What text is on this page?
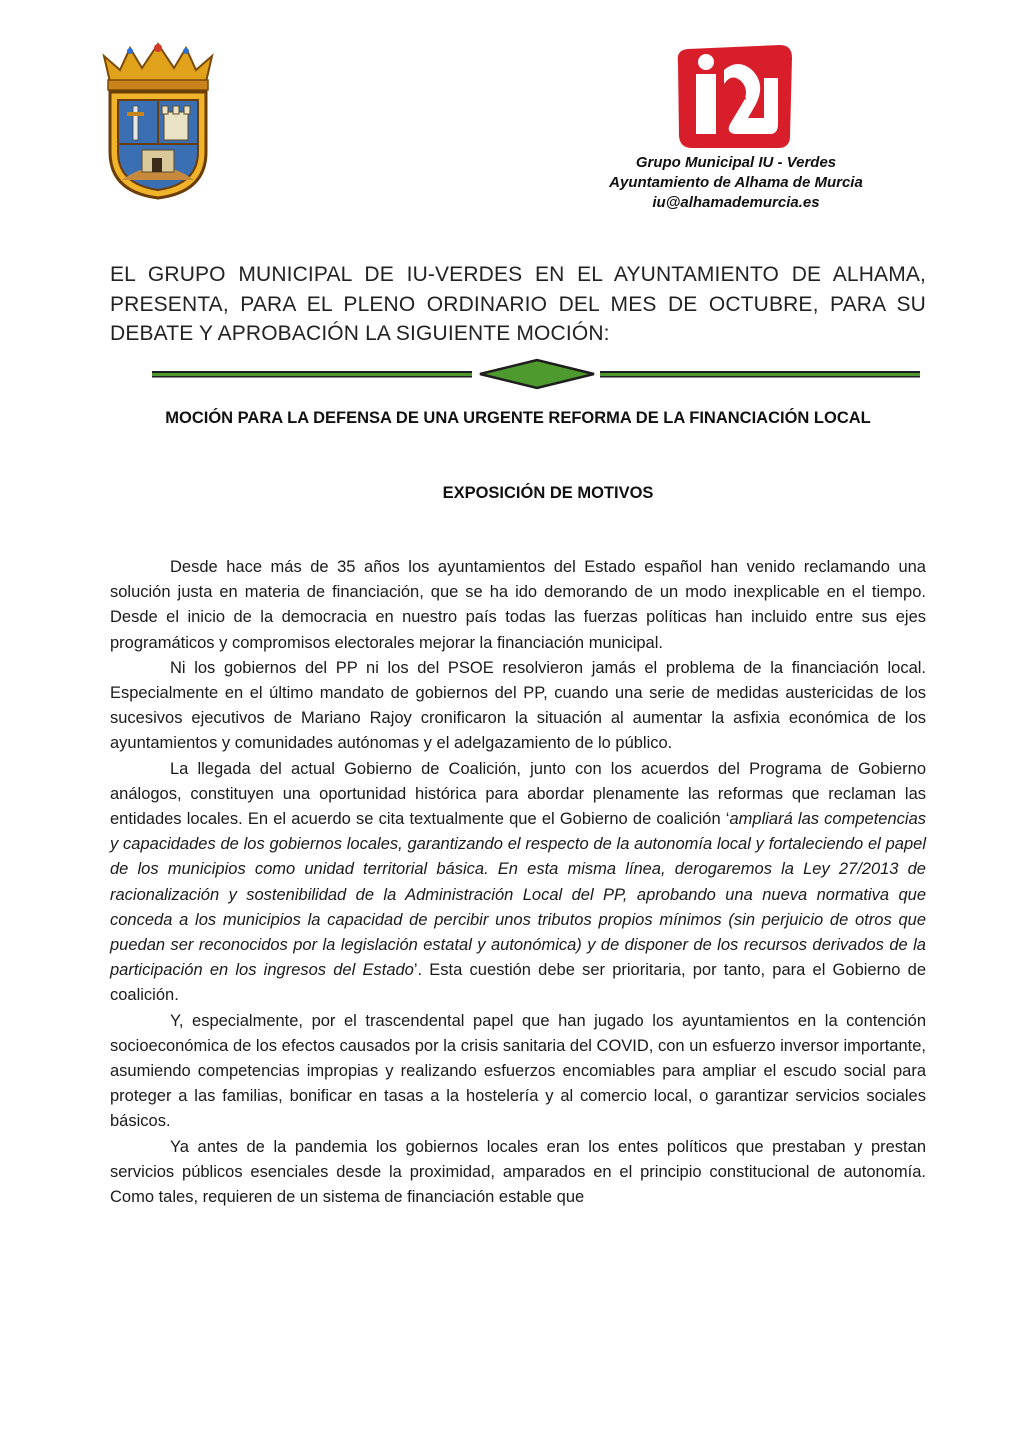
Grupo Municipal IU - Verdes
Ayuntamiento de Alhama de Murcia
iu@alhamademurcia.es
EL GRUPO MUNICIPAL DE IU-VERDES EN EL AYUNTAMIENTO DE ALHAMA, PRESENTA, PARA EL PLENO ORDINARIO DEL MES DE OCTUBRE, PARA SU DEBATE Y APROBACIÓN LA SIGUIENTE MOCIÓN:
MOCIÓN PARA LA DEFENSA DE UNA URGENTE REFORMA DE LA FINANCIACIÓN LOCAL
EXPOSICIÓN DE MOTIVOS

Desde hace más de 35 años los ayuntamientos del Estado español han venido reclamando una solución justa en materia de financiación, que se ha ido demorando de un modo inexplicable en el tiempo. Desde el inicio de la democracia en nuestro país todas las fuerzas políticas han incluido entre sus ejes programáticos y compromisos electorales mejorar la financiación municipal.

Ni los gobiernos del PP ni los del PSOE resolvieron jamás el problema de la financiación local. Especialmente en el último mandato de gobiernos del PP, cuando una serie de medidas austericidas de los sucesivos ejecutivos de Mariano Rajoy cronificaron la situación al aumentar la asfixia económica de los ayuntamientos y comunidades autónomas y el adelgazamiento de lo público.

La llegada del actual Gobierno de Coalición, junto con los acuerdos del Programa de Gobierno análogos, constituyen una oportunidad histórica para abordar plenamente las reformas que reclaman las entidades locales. En el acuerdo se cita textualmente que el Gobierno de coalición ‘ampliará las competencias y capacidades de los gobiernos locales, garantizando el respecto de la autonomía local y fortaleciendo el papel de los municipios como unidad territorial básica. En esta misma línea, derogaremos la Ley 27/2013 de racionalización y sostenibilidad de la Administración Local del PP, aprobando una nueva normativa que conceda a los municipios la capacidad de percibir unos tributos propios mínimos (sin perjuicio de otros que puedan ser reconocidos por la legislación estatal y autonómica) y de disponer de los recursos derivados de la participación en los ingresos del Estado’. Esta cuestión debe ser prioritaria, por tanto, para el Gobierno de coalición.

Y, especialmente, por el trascendental papel que han jugado los ayuntamientos en la contención socioeconómica de los efectos causados por la crisis sanitaria del COVID, con un esfuerzo inversor importante, asumiendo competencias impropias y realizando esfuerzos encomiables para ampliar el escudo social para proteger a las familias, bonificar en tasas a la hostelería y al comercio local, o garantizar servicios sociales básicos.

Ya antes de la pandemia los gobiernos locales eran los entes políticos que prestaban y prestan servicios públicos esenciales desde la proximidad, amparados en el principio constitucional de autonomía. Como tales, requieren de un sistema de financiación estable que
